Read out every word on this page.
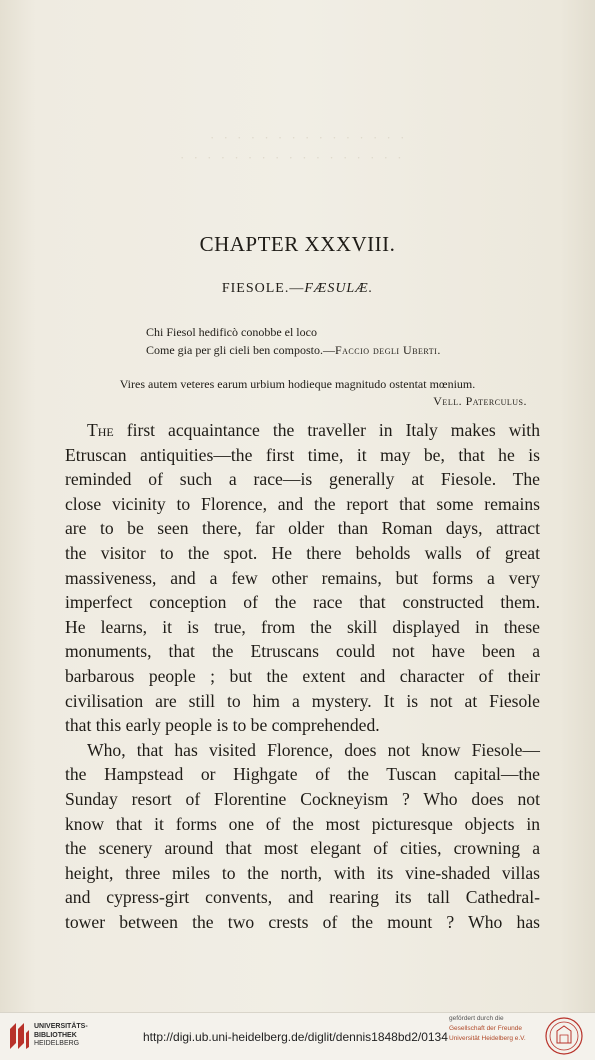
· · · · · · · · · · · · · · ·
· · · · · · · · · · · · · · · · ·
CHAPTER XXXVIII.
FIESOLE.—FÆSULÆ.
Chi Fiesol hedificò conobbe el loco
Come gia per gli cieli ben composto.—Faccio degli Uberti.
Vires autem veteres earum urbium hodieque magnitudo ostentat mœnium.
Vell. Paterculus.

The first acquaintance the traveller in Italy makes with
Etruscan antiquities—the first time, it may be, that he is
reminded of such a race—is generally at Fiesole. The
close vicinity to Florence, and the report that some remains
are to be seen there, far older than Roman days, attract
the visitor to the spot. He there beholds walls of great
massiveness, and a few other remains, but forms a very
imperfect conception of the race that constructed them.
He learns, it is true, from the skill displayed in these
monuments, that the Etruscans could not have been a
barbarous people ; but the extent and character of their
civilisation are still to him a mystery. It is not at Fiesole
that this early people is to be comprehended.

Who, that has visited Florence, does not know Fiesole—
the Hampstead or Highgate of the Tuscan capital—the
Sunday resort of Florentine Cockneyism ? Who does not
know that it forms one of the most picturesque objects in
the scenery around that most elegant of cities, crowning a
height, three miles to the north, with its vine-shaded villas
and cypress-girt convents, and rearing its tall Cathedral-
tower between the two crests of the mount ? Who has

UNIVERSITÄTS-
BIBLIOTHEK
HEIDELBERG	http://digi.ub.uni-heidelberg.de/diglit/dennis1848bd2/0134
gefördert durch die
Gesellschaft der Freunde
Universität Heidelberg e.V.
